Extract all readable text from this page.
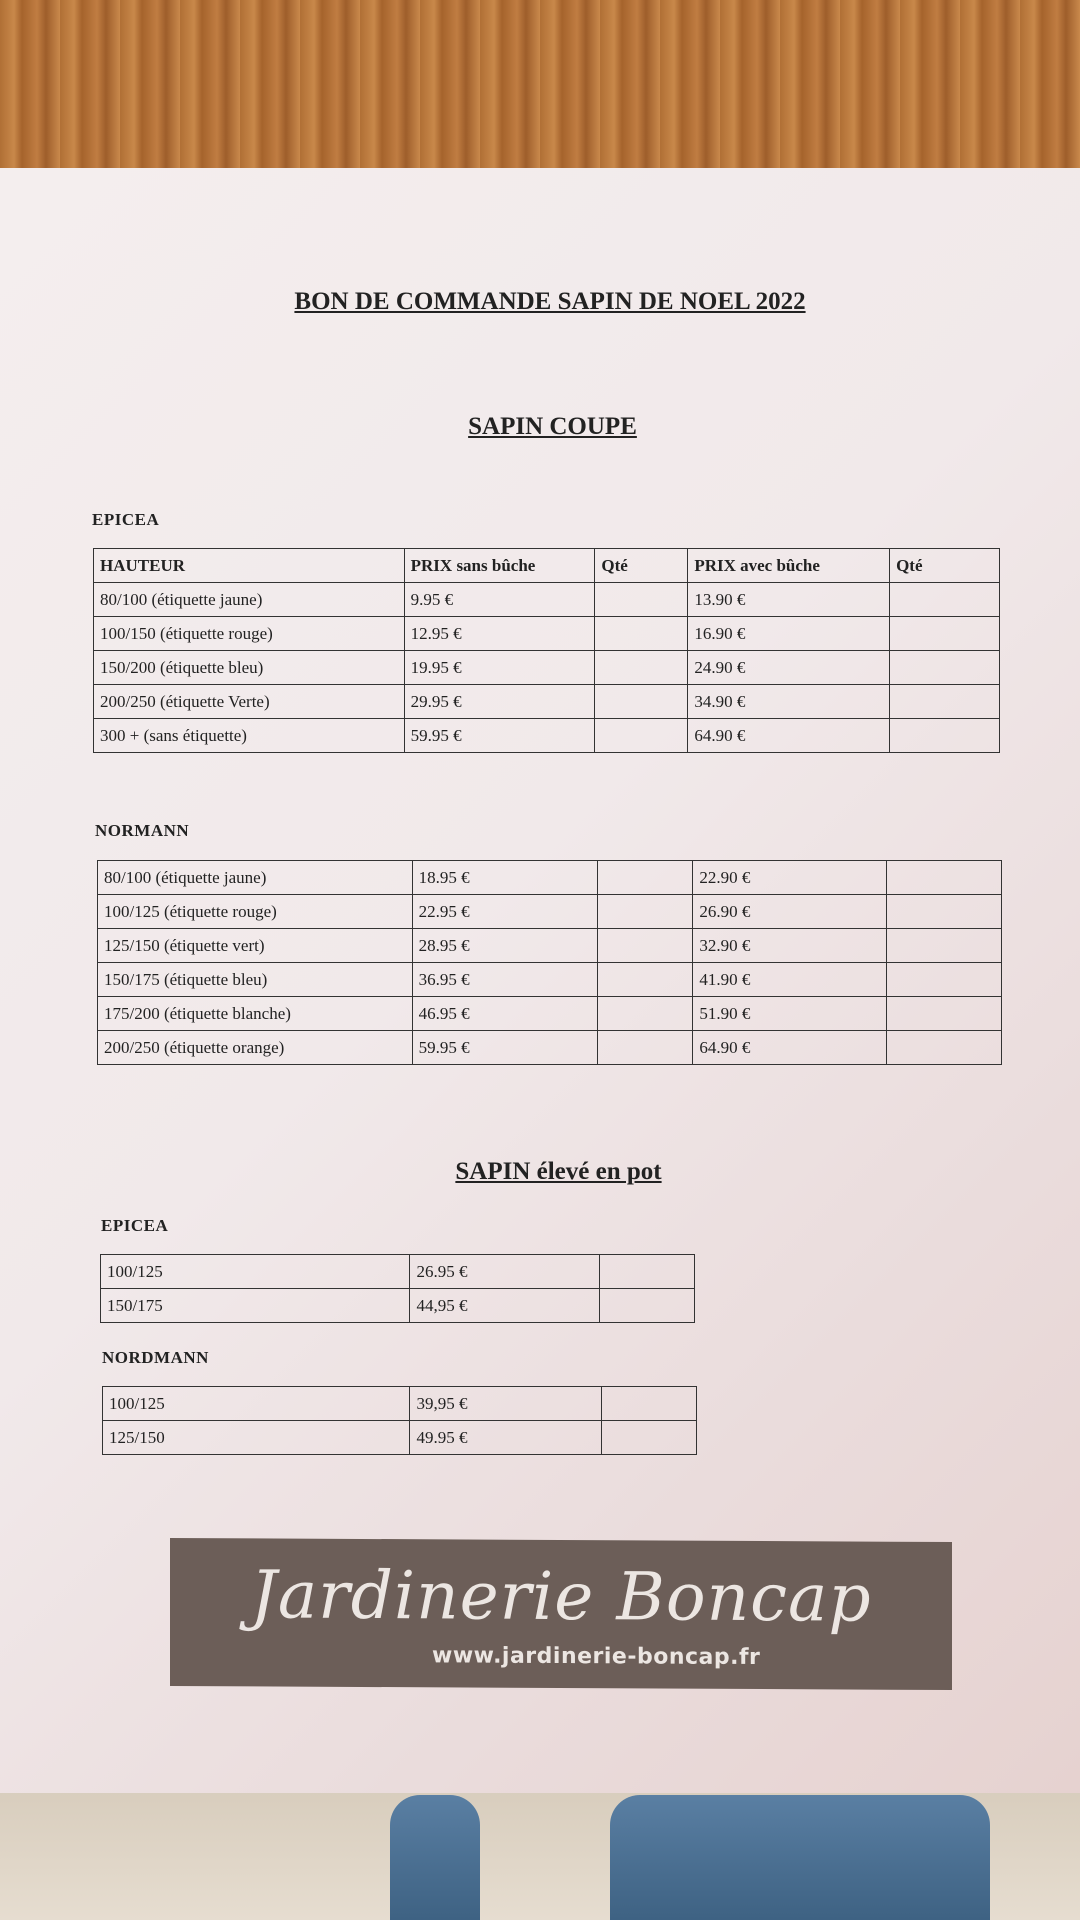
BON DE COMMANDE SAPIN DE NOEL 2022
SAPIN COUPE
EPICEA
HAUTEUR	PRIX sans bûche	Qté	PRIX avec bûche	Qté
80/100 (étiquette jaune)	9.95 €		13.90 €	
100/150 (étiquette rouge)	12.95 €		16.90 €	
150/200 (étiquette bleu)	19.95 €		24.90 €	
200/250 (étiquette Verte)	29.95 €		34.90 €	
300 + (sans étiquette)	59.95 €		64.90 €	
NORMANN
80/100 (étiquette jaune)	18.95 €		22.90 €	
100/125 (étiquette rouge)	22.95 €		26.90 €	
125/150 (étiquette vert)	28.95 €		32.90 €	
150/175 (étiquette bleu)	36.95 €		41.90 €	
175/200 (étiquette blanche)	46.95 €		51.90 €	
200/250 (étiquette orange)	59.95 €		64.90 €	
SAPIN élevé en pot
EPICEA
100/125	26.95 €	
150/175	44,95 €	
NORDMANN
100/125	39,95 €	
125/150	49.95 €	
Jardinerie Boncap
www.jardinerie-boncap.fr
